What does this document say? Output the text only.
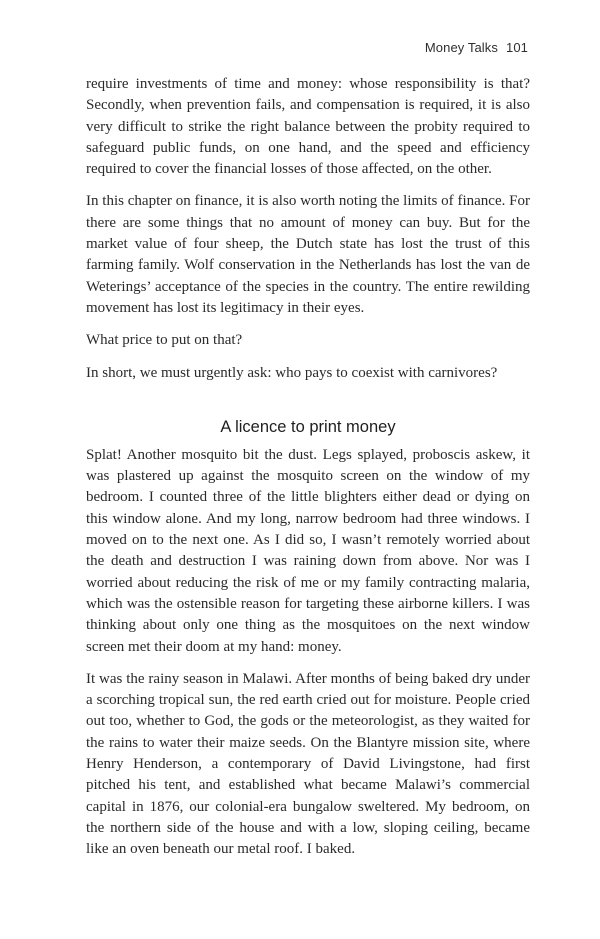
Money Talks 101

require investments of time and money: whose responsibility is that? Secondly, when prevention fails, and compensation is required, it is also very difficult to strike the right balance between the probity required to safeguard public funds, on one hand, and the speed and efficiency required to cover the financial losses of those affected, on the other.

In this chapter on finance, it is also worth noting the limits of finance. For there are some things that no amount of money can buy. But for the market value of four sheep, the Dutch state has lost the trust of this farming family. Wolf conservation in the Netherlands has lost the van de Weterings’ acceptance of the species in the country. The entire rewilding movement has lost its legitimacy in their eyes.

What price to put on that?

In short, we must urgently ask: who pays to coexist with carnivores?

A licence to print money

Splat! Another mosquito bit the dust. Legs splayed, proboscis askew, it was plastered up against the mosquito screen on the window of my bedroom. I counted three of the little blighters either dead or dying on this window alone. And my long, narrow bedroom had three windows. I moved on to the next one. As I did so, I wasn’t remotely worried about the death and destruction I was raining down from above. Nor was I worried about reducing the risk of me or my family contracting malaria, which was the ostensible reason for targeting these airborne killers. I was thinking about only one thing as the mosquitoes on the next window screen met their doom at my hand: money.

It was the rainy season in Malawi. After months of being baked dry under a scorching tropical sun, the red earth cried out for moisture. People cried out too, whether to God, the gods or the meteorologist, as they waited for the rains to water their maize seeds. On the Blantyre mission site, where Henry Henderson, a contemporary of David Livingstone, had first pitched his tent, and established what became Malawi’s commercial capital in 1876, our colonial-era bungalow sweltered. My bedroom, on the northern side of the house and with a low, sloping ceiling, became like an oven beneath our metal roof. I baked.
